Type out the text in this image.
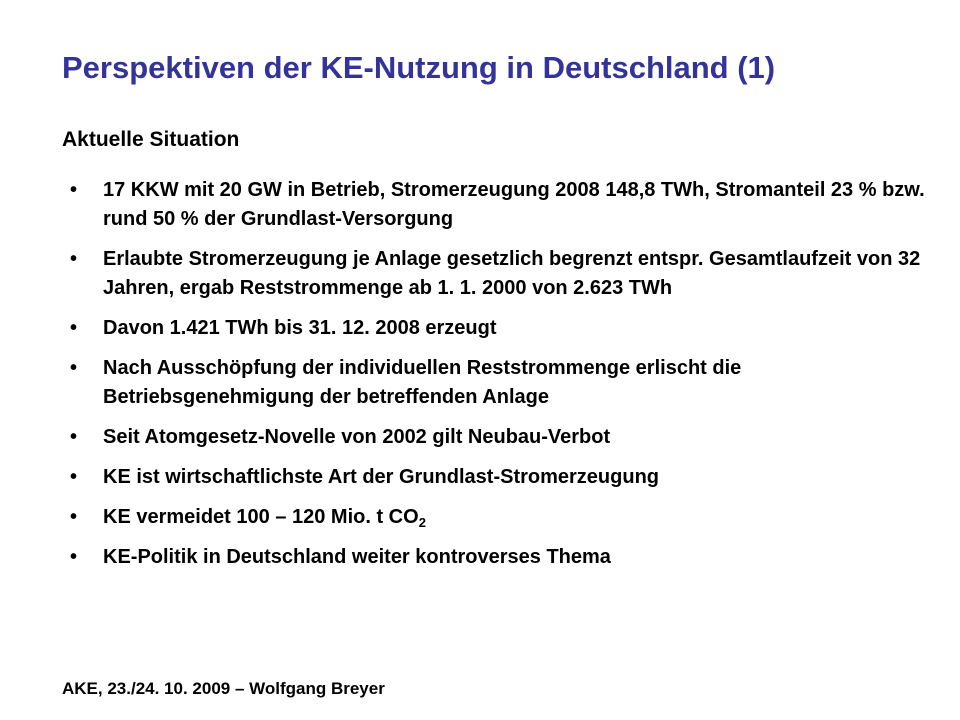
Perspektiven der KE-Nutzung in Deutschland (1)
Aktuelle Situation
•	17 KKW mit 20 GW in Betrieb, Stromerzeugung 2008 148,8 TWh, Stromanteil 23 % bzw. rund 50 % der Grundlast-Versorgung
•	Erlaubte Stromerzeugung je Anlage gesetzlich begrenzt entspr. Gesamtlaufzeit von 32 Jahren, ergab Reststrommenge ab 1. 1. 2000 von 2.623 TWh
•	Davon 1.421 TWh bis 31. 12. 2008 erzeugt
•	Nach Ausschöpfung der individuellen Reststrommenge erlischt die Betriebsgenehmigung der betreffenden Anlage
•	Seit Atomgesetz-Novelle von 2002 gilt Neubau-Verbot
•	KE ist wirtschaftlichste Art der Grundlast-Stromerzeugung
•	KE vermeidet 100 – 120 Mio. t $CO_2$
•	KE-Politik in Deutschland weiter kontroverses Thema

AKE, 23./24. 10. 2009 – Wolfgang Breyer
